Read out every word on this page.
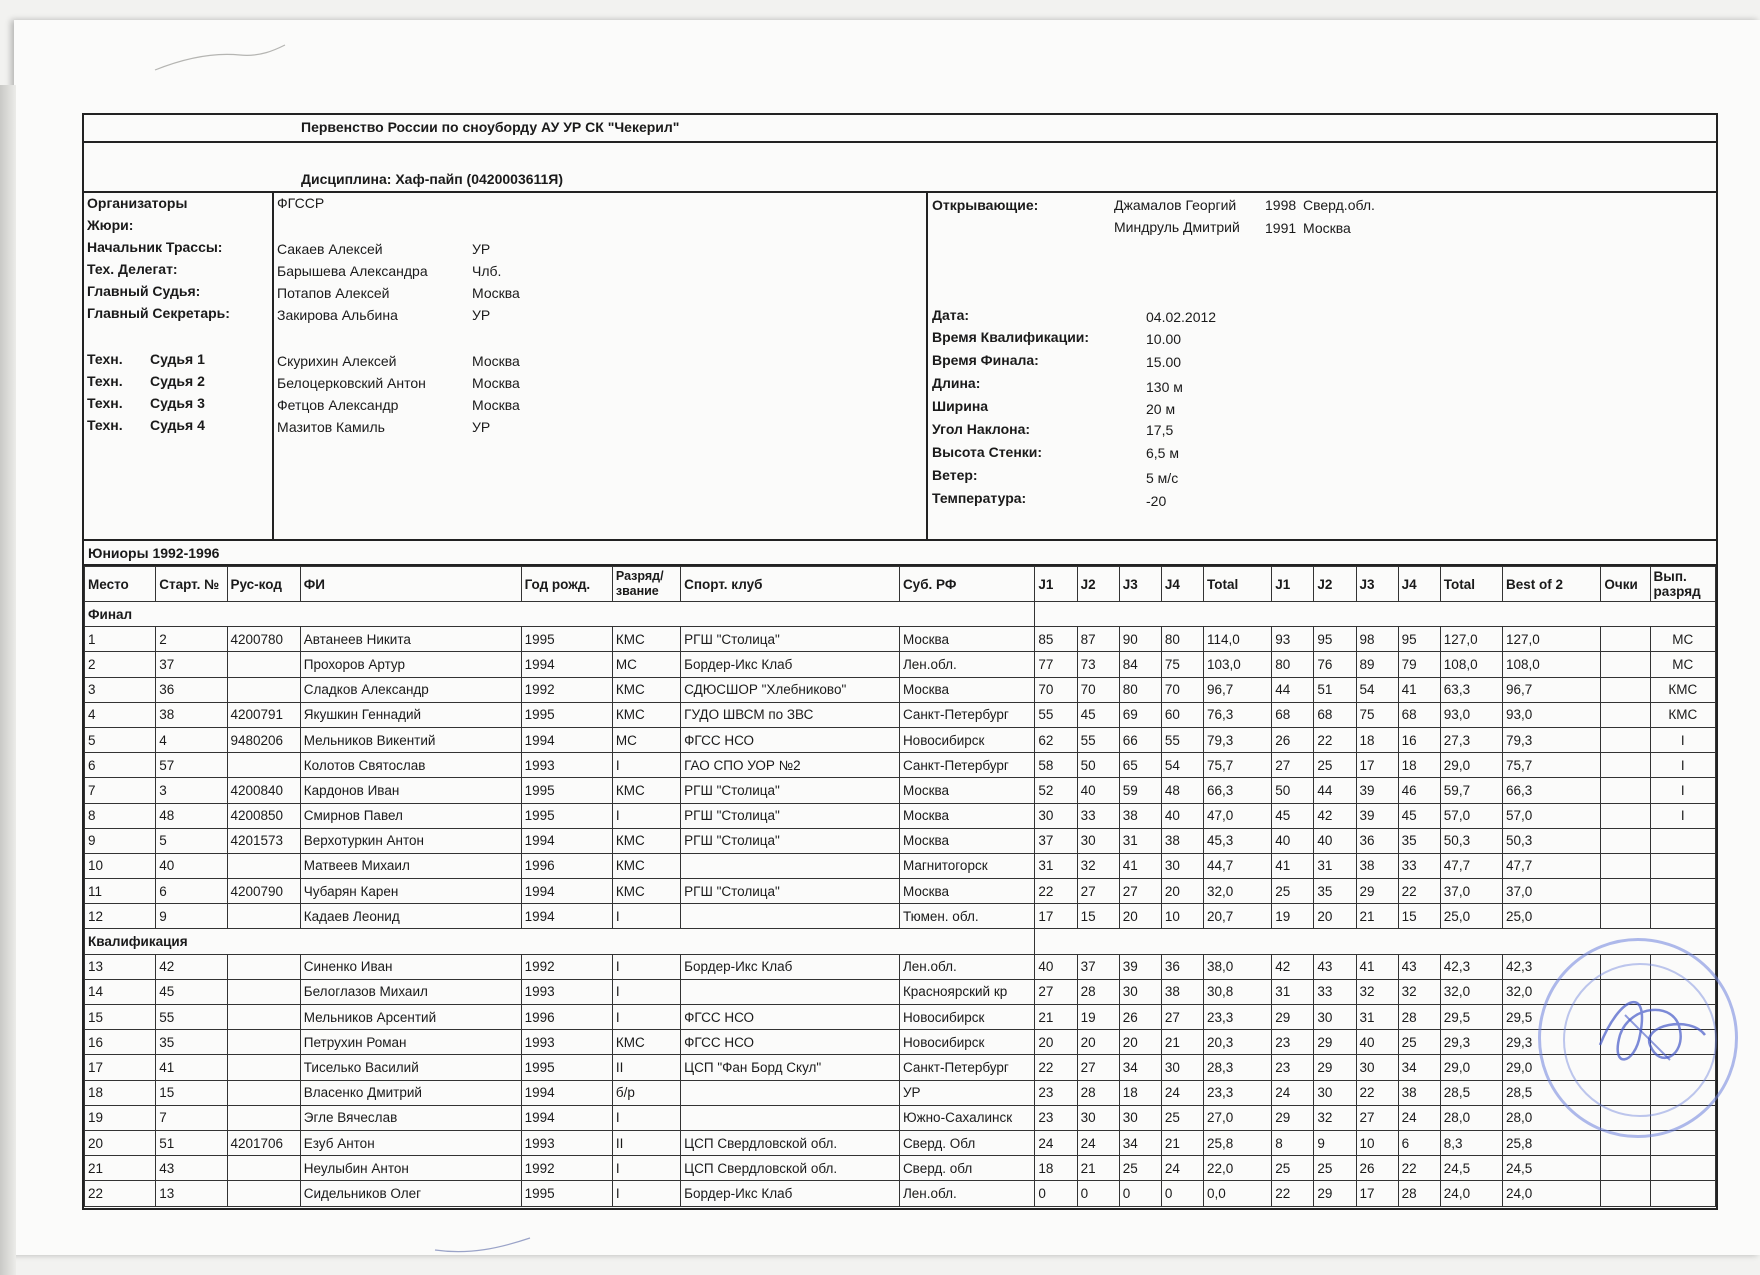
Первенство России по сноуборду АУ УР СК "Чекерил"
Дисциплина: Хаф-пайп (0420003611Я)
Организаторы	ФГССР
Жюри:
Начальник Трассы:	Сакаев Алексей	УР
Тех. Делегат:	Барышева Александра	Члб.
Главный Судья:	Потапов Алексей	Москва
Главный Секретарь:	Закирова Альбина	УР
Техн. Судья 1	Скурихин Алексей	Москва
Техн. Судья 2	Белоцерковский Антон	Москва
Техн. Судья 3	Фетцов Александр	Москва
Техн. Судья 4	Мазитов Камиль	УР
Открывающие:	Джамалов Георгий 1998 Сверд.обл.
Миндруль Дмитрий 1991 Москва
Дата:	04.02.2012
Время Квалификации:	10.00
Время Финала:	15.00
Длина:	130 м
Ширина	20 м
Угол Наклона:	17,5
Высота Стенки:	6,5 м
Ветер:	5 м/с
Температура:	-20
Юниоры 1992-1996
Место	Старт. №	Рус-код	ФИ	Год рожд.	Разряд/звание	Спорт. клуб	Суб. РФ	J1	J2	J3	J4	Total	J1	J2	J3	J4	Total	Best of 2	Очки	Вып. разряд
Финал																				
1	2	4200780	Автанеев Никита	1995	КМС	РГШ "Столица"	Москва	85	87	90	80	114,0	93	95	98	95	127,0	127,0		МС
2	37		Прохоров Артур	1994	МС	Бордер-Икс Клаб	Лен.обл.	77	73	84	75	103,0	80	76	89	79	108,0	108,0		МС
3	36		Сладков Александр	1992	КМС	СДЮСШОР "Хлебниково"	Москва	70	70	80	70	96,7	44	51	54	41	63,3	96,7		КМС
4	38	4200791	Якушкин Геннадий	1995	КМС	ГУДО ШВСМ по ЗВС	Санкт-Петербург	55	45	69	60	76,3	68	68	75	68	93,0	93,0		КМС
5	4	9480206	Мельников Викентий	1994	МС	ФГСС НСО	Новосибирск	62	55	66	55	79,3	26	22	18	16	27,3	79,3		I
6	57		Колотов Святослав	1993	I	ГАО СПО УОР №2	Санкт-Петербург	58	50	65	54	75,7	27	25	17	18	29,0	75,7		I
7	3	4200840	Кардонов Иван	1995	КМС	РГШ "Столица"	Москва	52	40	59	48	66,3	50	44	39	46	59,7	66,3		I
8	48	4200850	Смирнов Павел	1995	I	РГШ "Столица"	Москва	30	33	38	40	47,0	45	42	39	45	57,0	57,0		I
9	5	4201573	Верхотуркин Антон	1994	КМС	РГШ "Столица"	Москва	37	30	31	38	45,3	40	40	36	35	50,3	50,3		
10	40		Матвеев Михаил	1996	КМС		Магнитогорск	31	32	41	30	44,7	41	31	38	33	47,7	47,7		
11	6	4200790	Чубарян Карен	1994	КМС	РГШ "Столица"	Москва	22	27	27	20	32,0	25	35	29	22	37,0	37,0		
12	9		Кадаев Леонид	1994	I		Тюмен. обл.	17	15	20	10	20,7	19	20	21	15	25,0	25,0		
Квалификация																				
13	42		Синенко Иван	1992	I	Бордер-Икс Клаб	Лен.обл.	40	37	39	36	38,0	42	43	41	43	42,3	42,3		
14	45		Белоглазов Михаил	1993	I		Красноярский кр	27	28	30	38	30,8	31	33	32	32	32,0	32,0		
15	55		Мельников Арсентий	1996	I	ФГСС НСО	Новосибирск	21	19	26	27	23,3	29	30	31	28	29,5	29,5		
16	35		Петрухин Роман	1993	КМС	ФГСС НСО	Новосибирск	20	20	20	21	20,3	23	29	40	25	29,3	29,3		
17	41		Тиселько Василий	1995	II	ЦСП "Фан Борд Скул"	Санкт-Петербург	22	27	34	30	28,3	23	29	30	34	29,0	29,0		
18	15		Власенко Дмитрий	1994	б/р		УР	23	28	18	24	23,3	24	30	22	38	28,5	28,5		
19	7		Эгле Вячеслав	1994	I		Южно-Сахалинск	23	30	30	25	27,0	29	32	27	24	28,0	28,0		
20	51	4201706	Езуб Антон	1993	II	ЦСП Свердловской обл.	Сверд. Обл	24	24	34	21	25,8	8	9	10	6	8,3	25,8		
21	43		Неулыбин Антон	1992	I	ЦСП Свердловской обл.	Сверд. обл	18	21	25	24	22,0	25	25	26	22	24,5	24,5		
22	13		Сидельников Олег	1995	I	Бордер-Икс Клаб	Лен.обл.	0	0	0	0	0,0	22	29	17	28	24,0	24,0		
